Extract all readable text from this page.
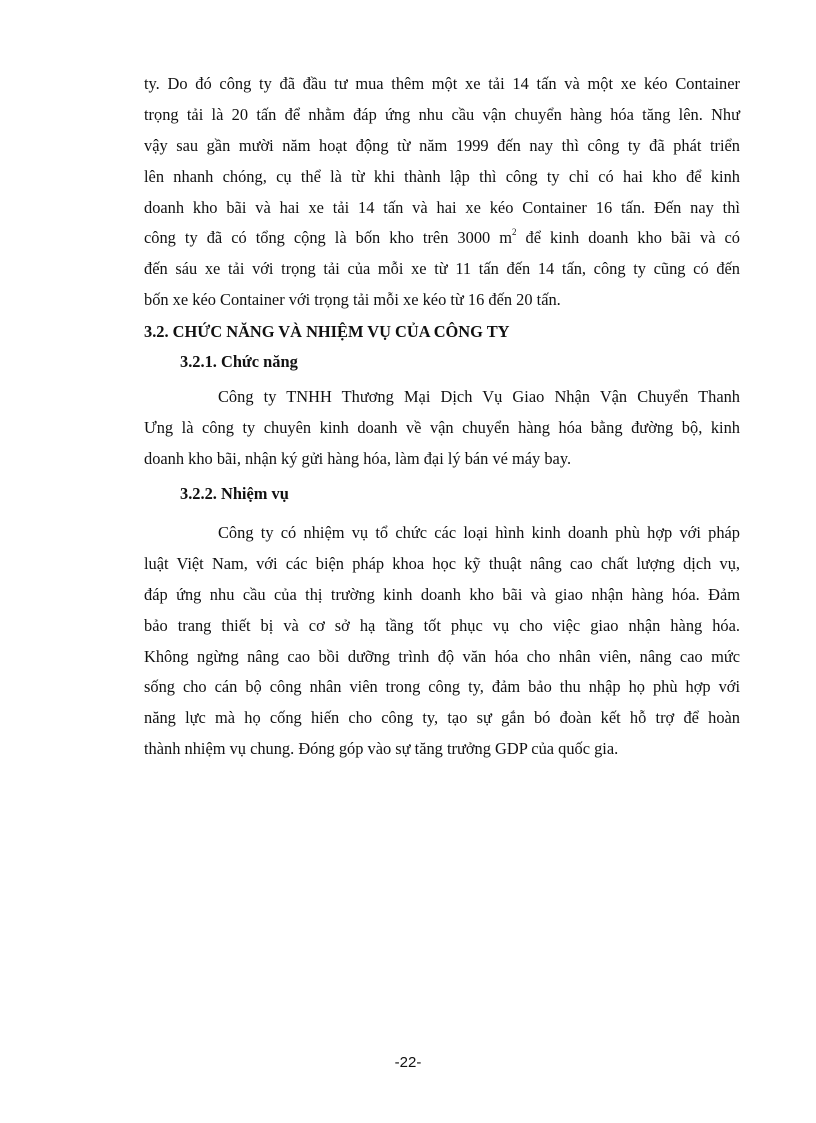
ty. Do đó công ty đã đầu tư mua thêm một xe tải 14 tấn và một xe kéo Container
trọng tải là 20 tấn để nhằm đáp ứng nhu cầu vận chuyển hàng hóa tăng lên. Như
vậy sau gần mười năm hoạt động từ năm 1999 đến nay thì công ty đã phát triển
lên nhanh chóng, cụ thể là từ khi thành lập thì công ty chỉ có hai kho để kinh
doanh kho bãi và hai xe tải 14 tấn và hai xe kéo Container 16 tấn. Đến nay thì
công ty đã có tổng cộng là bốn kho trên 3000 $m^2$ để kinh doanh kho bãi và có
đến sáu xe tải với trọng tải của mỗi xe từ 11 tấn đến 14 tấn, công ty cũng có đến
bốn xe kéo Container với trọng tải mỗi xe kéo từ 16 đến 20 tấn.
3.2. CHỨC NĂNG VÀ NHIỆM VỤ CỦA CÔNG TY
3.2.1. Chức năng
Công ty TNHH Thương Mại Dịch Vụ Giao Nhận Vận Chuyển Thanh
Ưng là công ty chuyên kinh doanh về vận chuyển hàng hóa bằng đường bộ, kinh
doanh kho bãi, nhận ký gửi hàng hóa, làm đại lý bán vé máy bay.
3.2.2. Nhiệm vụ
Công ty có nhiệm vụ tổ chức các loại hình kinh doanh phù hợp với pháp
luật Việt Nam, với các biện pháp khoa học kỹ thuật nâng cao chất lượng dịch vụ,
đáp ứng nhu cầu của thị trường kinh doanh kho bãi và giao nhận hàng hóa. Đảm
bảo trang thiết bị và cơ sở hạ tầng tốt phục vụ cho việc giao nhận hàng hóa.
Không ngừng nâng cao bồi dưỡng trình độ văn hóa cho nhân viên, nâng cao mức
sống cho cán bộ công nhân viên trong công ty, đảm bảo thu nhập họ phù hợp với
năng lực mà họ cống hiến cho công ty, tạo sự gắn bó đoàn kết hỗ trợ để hoàn
thành nhiệm vụ chung. Đóng góp vào sự tăng trưởng GDP của quốc gia.
-22-
